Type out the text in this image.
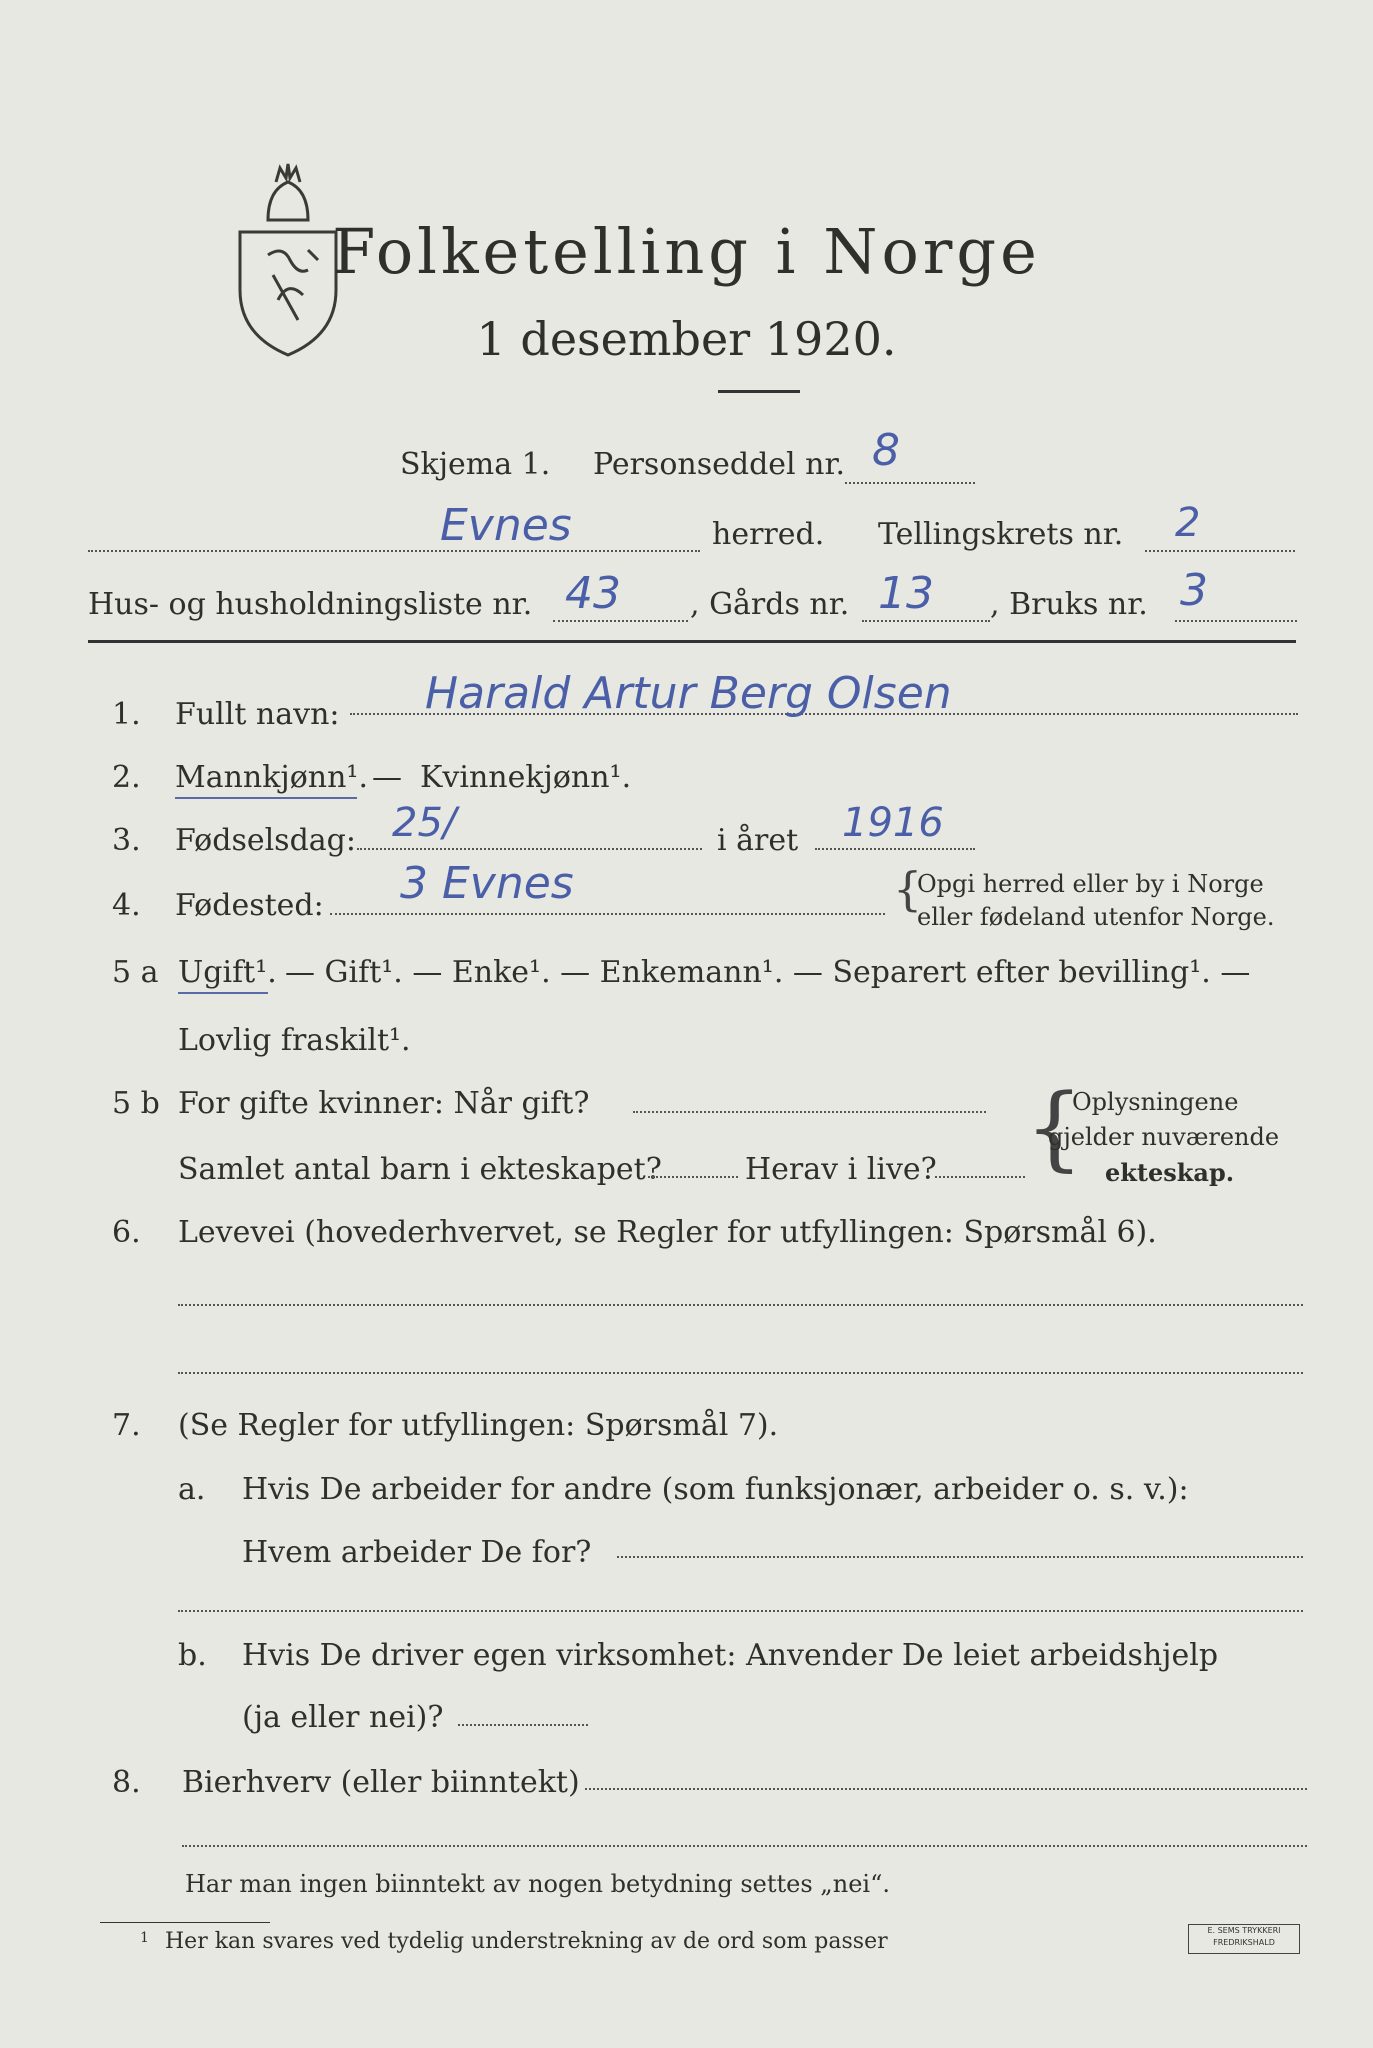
Folketelling i Norge
1 desember 1920.
Skjema 1. Personseddel nr. 8
Evnes	herred. Tellingskrets nr. 2
Hus- og husholdningsliste nr. 43 , Gårds nr. 13 , Bruks nr. 3
1. Fullt navn: Harald Artur Berg Olsen
2. Mannkjønn¹. — Kvinnekjønn¹.
3. Fødselsdag: 25/	i året 1916
4. Fødested: 3 Evnes	{
Opgi herred eller by i Norge
eller fødeland utenfor Norge.
5 a Ugift¹. — Gift¹. — Enke¹. — Enkemann¹. — Separert efter bevilling¹. —
Lovlig fraskilt¹.
5 b For gifte kvinner: Når gift?
Samlet antal barn i ekteskapet?	Herav i live? {
Oplysningene
gjelder nuværende
ekteskap.
6. Levevei (hovederhvervet, se Regler for utfyllingen: Spørsmål 6).
7. (Se Regler for utfyllingen: Spørsmål 7).
a. Hvis De arbeider for andre (som funksjonær, arbeider o. s. v.):
Hvem arbeider De for?
b. Hvis De driver egen virksomhet: Anvender De leiet arbeidshjelp
(ja eller nei)?
8. Bierhverv (eller biinntekt)
Har man ingen biinntekt av nogen betydning settes „nei“.
1 Her kan svares ved tydelig understrekning av de ord som passer	E. SEMS TRYKKERI
FREDRIKSHALD
